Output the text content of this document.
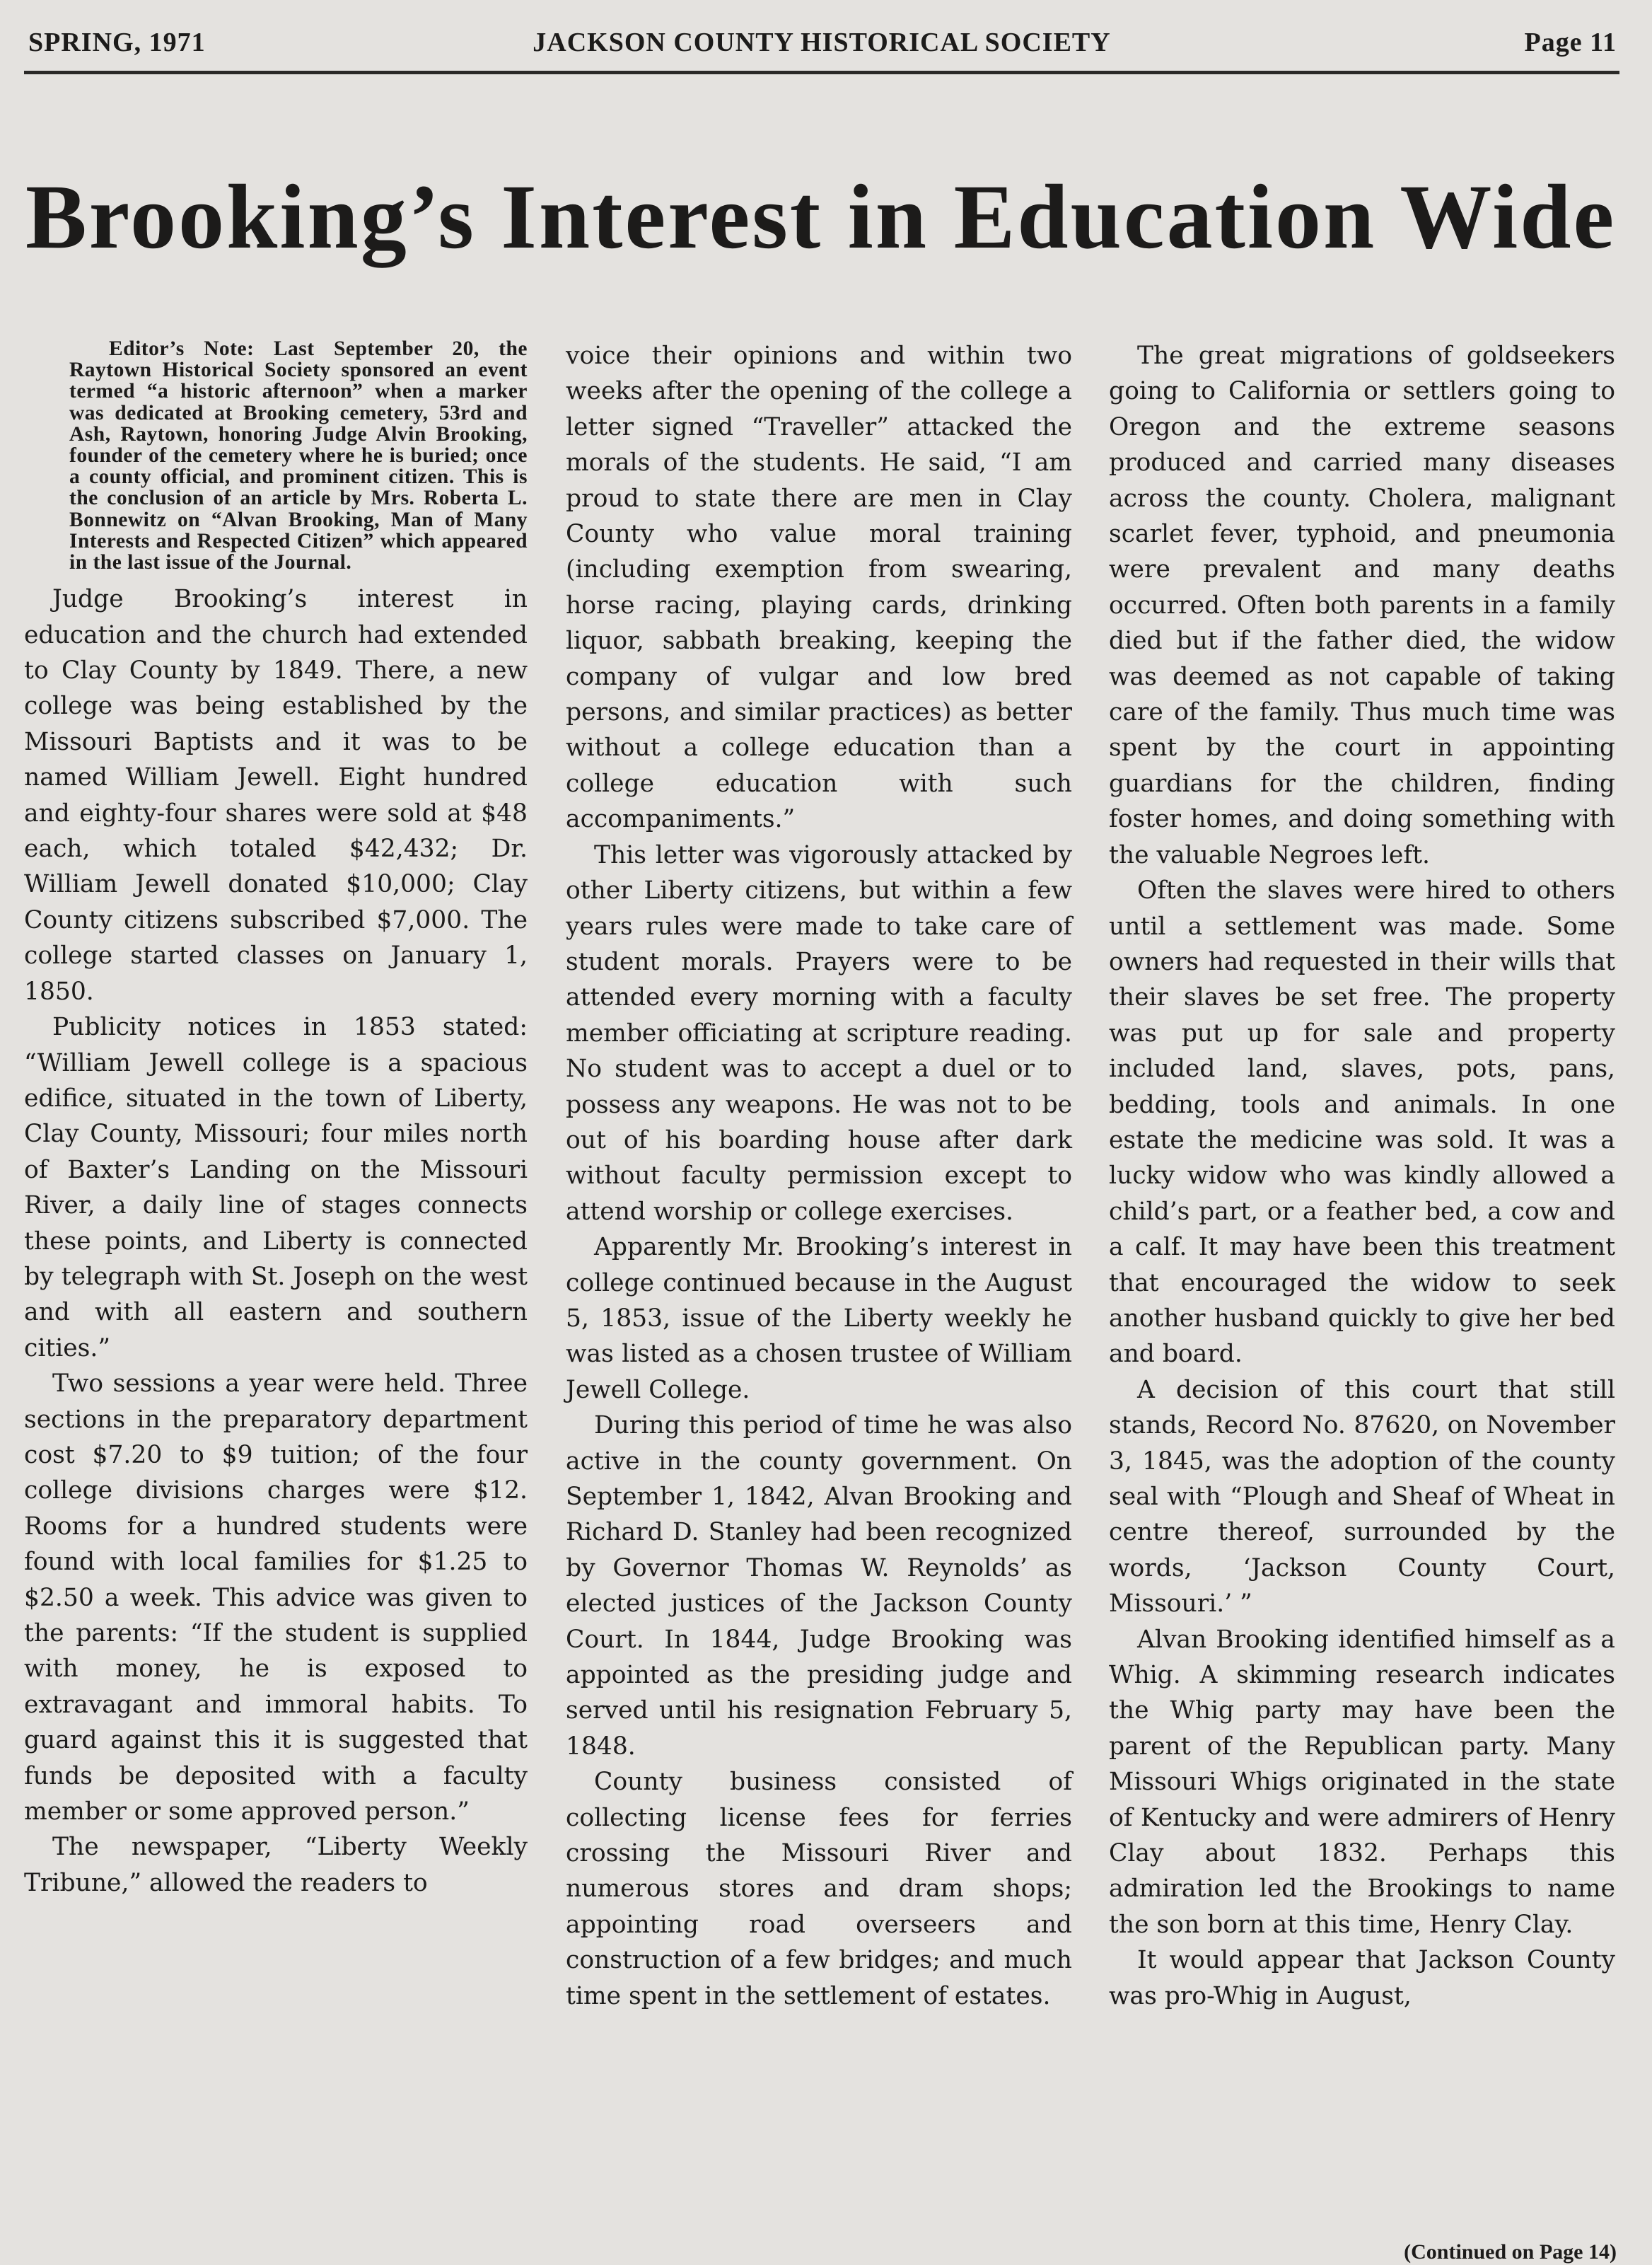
SPRING, 1971	JACKSON COUNTY HISTORICAL SOCIETY	Page 11
Brooking’s Interest in Education Wide

Editor’s Note: Last September 20, the Raytown Historical Society sponsored an event termed “a historic afternoon” when a marker was dedicated at Brooking cemetery, 53rd and Ash, Raytown, honoring Judge Alvin Brooking, founder of the cemetery where he is buried; once a county official, and prominent citizen. This is the conclusion of an article by Mrs. Roberta L. Bonnewitz on “Alvan Brooking, Man of Many Interests and Respected Citizen” which appeared in the last issue of the Journal.

Judge Brooking’s interest in education and the church had extended to Clay County by 1849. There, a new college was being established by the Missouri Baptists and it was to be named William Jewell. Eight hundred and eighty-four shares were sold at $48 each, which totaled $42,432; Dr. William Jewell donated $10,000; Clay County citizens subscribed $7,000. The college started classes on January 1, 1850.

Publicity notices in 1853 stated: “William Jewell college is a spacious edifice, situated in the town of Liberty, Clay County, Missouri; four miles north of Baxter’s Landing on the Missouri River, a daily line of stages connects these points, and Liberty is connected by telegraph with St. Joseph on the west and with all eastern and southern cities.”

Two sessions a year were held. Three sections in the preparatory department cost $7.20 to $9 tuition; of the four college divisions charges were $12. Rooms for a hundred students were found with local families for $1.25 to $2.50 a week. This advice was given to the parents: “If the student is supplied with money, he is exposed to extravagant and immoral habits. To guard against this it is suggested that funds be deposited with a faculty member or some approved person.”

The newspaper, “Liberty Weekly Tribune,” allowed the readers to

voice their opinions and within two weeks after the opening of the college a letter signed “Traveller” attacked the morals of the students. He said, “I am proud to state there are men in Clay County who value moral training (including exemption from swearing, horse racing, playing cards, drinking liquor, sabbath breaking, keeping the company of vulgar and low bred persons, and similar practices) as better without a college education than a college education with such accompaniments.”

This letter was vigorously attacked by other Liberty citizens, but within a few years rules were made to take care of student morals. Prayers were to be attended every morning with a faculty member officiating at scripture reading. No student was to accept a duel or to possess any weapons. He was not to be out of his boarding house after dark without faculty permission except to attend worship or college exercises.

Apparently Mr. Brooking’s interest in college continued because in the August 5, 1853, issue of the Liberty weekly he was listed as a chosen trustee of William Jewell College.

During this period of time he was also active in the county government. On September 1, 1842, Alvan Brooking and Richard D. Stanley had been recognized by Governor Thomas W. Reynolds’ as elected justices of the Jackson County Court. In 1844, Judge Brooking was appointed as the presiding judge and served until his resignation February 5, 1848.

County business consisted of collecting license fees for ferries crossing the Missouri River and numerous stores and dram shops; appointing road overseers and construction of a few bridges; and much time spent in the settlement of estates.

The great migrations of goldseekers going to California or settlers going to Oregon and the extreme seasons produced and carried many diseases across the county. Cholera, malignant scarlet fever, typhoid, and pneumonia were prevalent and many deaths occurred. Often both parents in a family died but if the father died, the widow was deemed as not capable of taking care of the family. Thus much time was spent by the court in appointing guardians for the children, finding foster homes, and doing something with the valuable Negroes left.

Often the slaves were hired to others until a settlement was made. Some owners had requested in their wills that their slaves be set free. The property was put up for sale and property included land, slaves, pots, pans, bedding, tools and animals. In one estate the medicine was sold. It was a lucky widow who was kindly allowed a child’s part, or a feather bed, a cow and a calf. It may have been this treatment that encouraged the widow to seek another husband quickly to give her bed and board.

A decision of this court that still stands, Record No. 87620, on November 3, 1845, was the adoption of the county seal with “Plough and Sheaf of Wheat in centre thereof, surrounded by the words, ‘Jackson County Court, Missouri.’ ”

Alvan Brooking identified himself as a Whig. A skimming research indicates the Whig party may have been the parent of the Republican party. Many Missouri Whigs originated in the state of Kentucky and were admirers of Henry Clay about 1832. Perhaps this admiration led the Brookings to name the son born at this time, Henry Clay.

It would appear that Jackson County was pro-Whig in August,

(Continued on Page 14)
